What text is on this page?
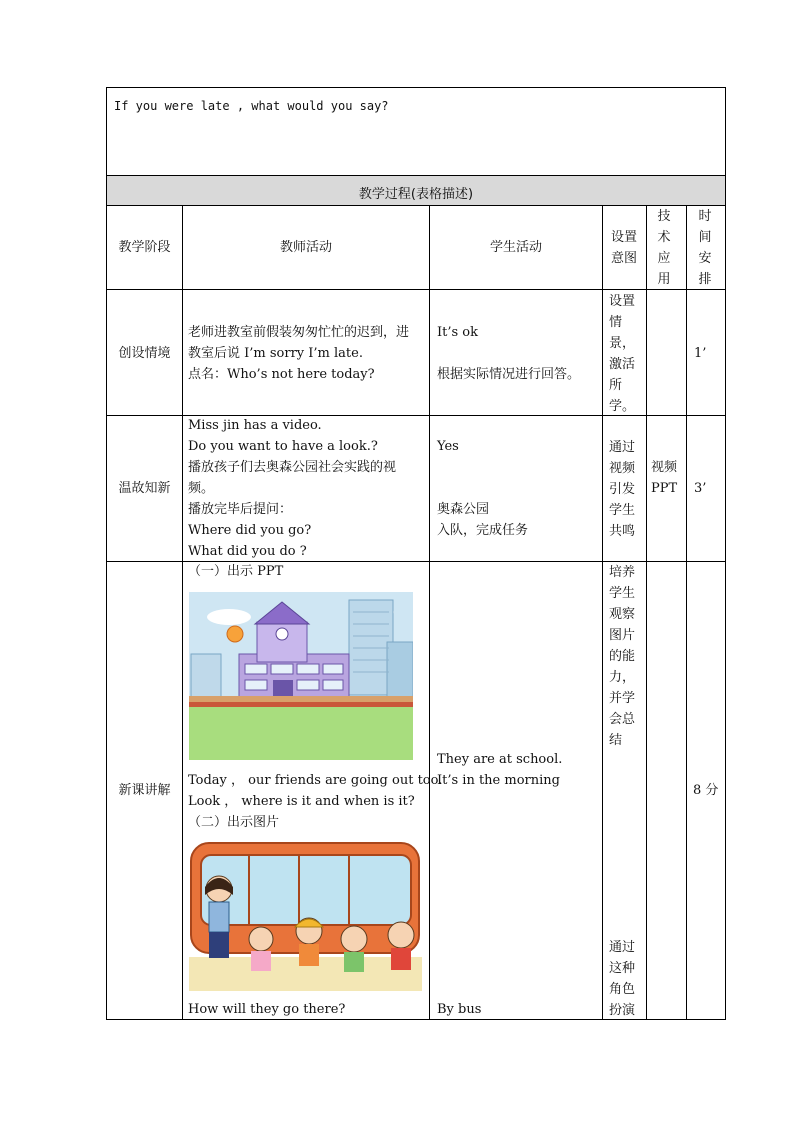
If you were late , what would you say?
教学过程(表格描述)
教学阶段	教师活动	学生活动
设置意图
技术应用
时间安排
创设情境
老师进教室前假装匆匆忙忙的迟到，进
教室后说 I’m sorry I’m late.
点名：Who’s not here today?
It’s ok
根据实际情况进行回答。
设置情景，激活所学。
1’
温故知新
Miss jin has a video.
Do you want to have a look.?
播放孩子们去奥森公园社会实践的视
频。
播放完毕后提问：
Where did you go?
What did you do ?
Yes
奥森公园
入队，完成任务
通过视频引发学生共鸣
视频PPT 3’
新课讲解
（一）出示 PPT
Today ， our friends are going out too.
Look ， where is it and when is it?
（二）出示图片
How will they go there?
They are at school.
It’s in the morning
By bus
培养学生观察图片的能力，并学会总结
通过这种角色扮演
8 分
